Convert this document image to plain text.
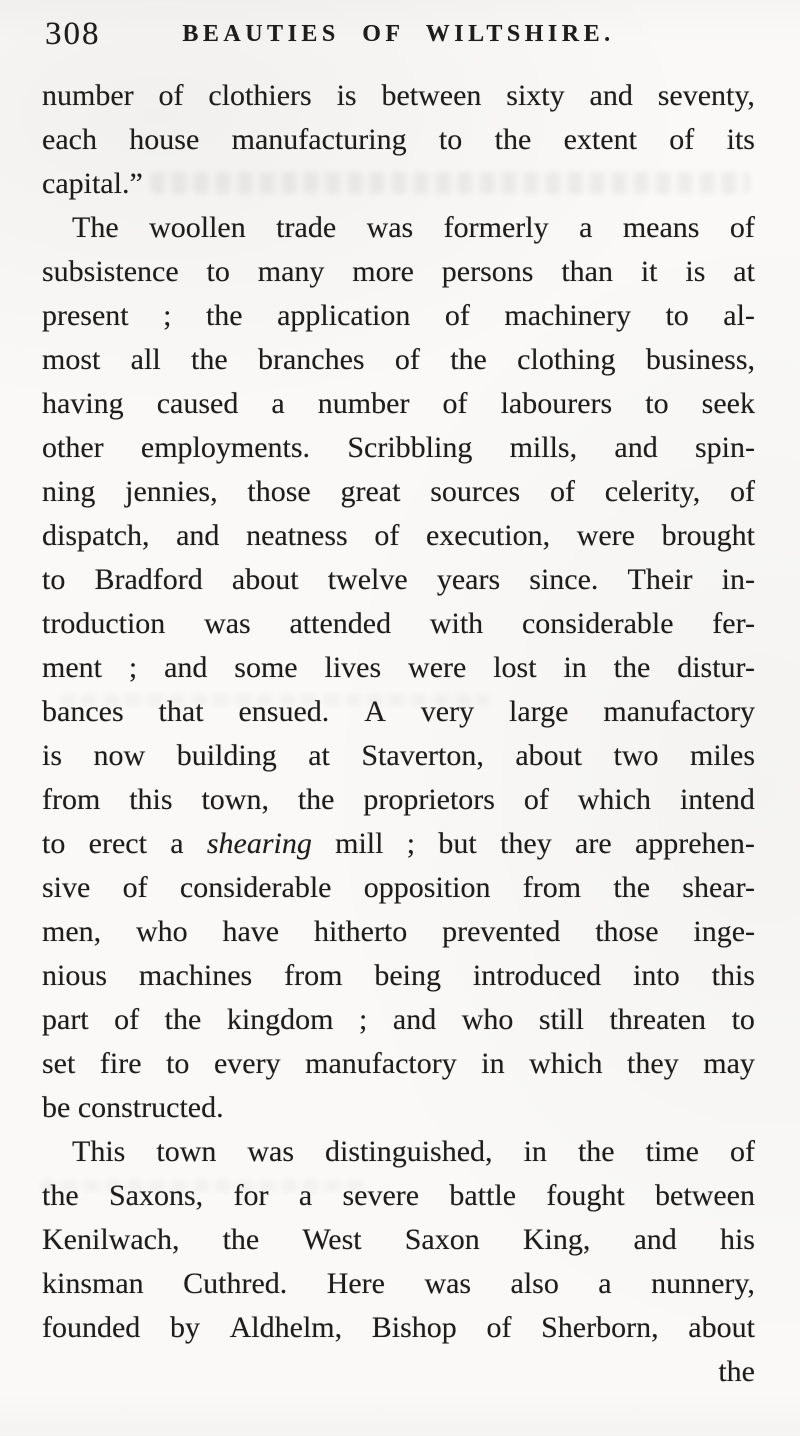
308	BEAUTIES OF WILTSHIRE.
number of clothiers is between sixty and seventy,
each house manufacturing to the extent of its
capital.”
The woollen trade was formerly a means of
subsistence to many more persons than it is at
present ; the application of machinery to al-
most all the branches of the clothing business,
having caused a number of labourers to seek
other employments. Scribbling mills, and spin-
ning jennies, those great sources of celerity, of
dispatch, and neatness of execution, were brought
to Bradford about twelve years since. Their in-
troduction was attended with considerable fer-
ment ; and some lives were lost in the distur-
bances that ensued. A very large manufactory
is now building at Staverton, about two miles
from this town, the proprietors of which intend
to erect a shearing mill ; but they are apprehen-
sive of considerable opposition from the shear-
men, who have hitherto prevented those inge-
nious machines from being introduced into this
part of the kingdom ; and who still threaten to
set fire to every manufactory in which they may
be constructed.
This town was distinguished, in the time of
the Saxons, for a severe battle fought between
Kenilwach, the West Saxon King, and his
kinsman Cuthred. Here was also a nunnery,
founded by Aldhelm, Bishop of Sherborn, about
the
